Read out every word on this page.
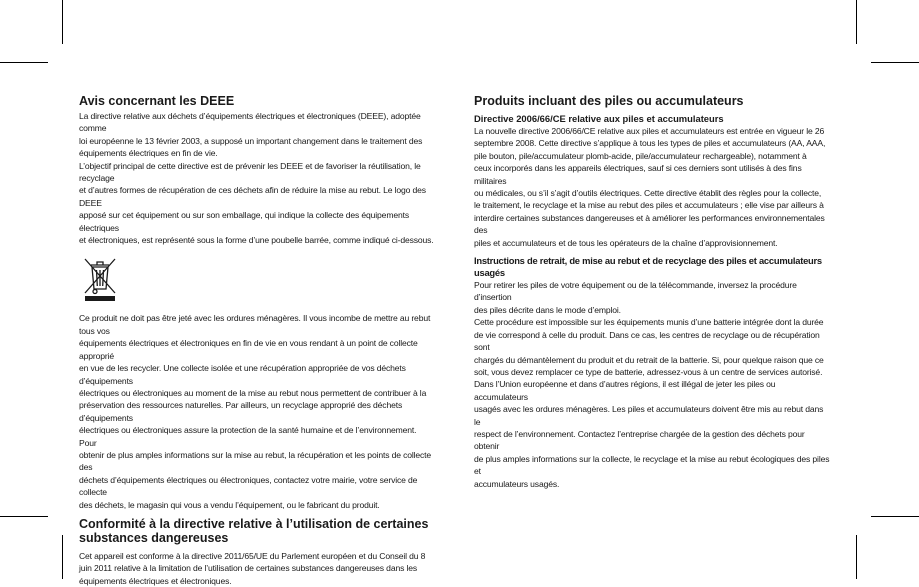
Avis concernant les DEEE

La directive relative aux déchets d’équipements électriques et électroniques (DEEE), adoptée comme
loi européenne le 13 février 2003, a supposé un important changement dans le traitement des
équipements électriques en fin de vie.
L’objectif principal de cette directive est de prévenir les DEEE et de favoriser la réutilisation, le recyclage
et d’autres formes de récupération de ces déchets afin de réduire la mise au rebut. Le logo des DEEE
apposé sur cet équipement ou sur son emballage, qui indique la collecte des équipements électriques
et électroniques, est représenté sous la forme d’une poubelle barrée, comme indiqué ci-dessous.

Ce produit ne doit pas être jeté avec les ordures ménagères. Il vous incombe de mettre au rebut tous vos
équipements électriques et électroniques en fin de vie en vous rendant à un point de collecte approprié
en vue de les recycler. Une collecte isolée et une récupération appropriée de vos déchets d’équipements
électriques ou électroniques au moment de la mise au rebut nous permettent de contribuer à la
préservation des ressources naturelles. Par ailleurs, un recyclage approprié des déchets d’équipements
électriques ou électroniques assure la protection de la santé humaine et de l’environnement. Pour
obtenir de plus amples informations sur la mise au rebut, la récupération et les points de collecte des
déchets d’équipements électriques ou électroniques, contactez votre mairie, votre service de collecte
des déchets, le magasin qui vous a vendu l’équipement, ou le fabricant du produit.

Conformité à la directive relative à l’utilisation de certaines
substances dangereuses

Cet appareil est conforme à la directive 2011/65/UE du Parlement européen et du Conseil du 8
juin 2011 relative à la limitation de l’utilisation de certaines substances dangereuses dans les
équipements électriques et électroniques.

Produits incluant des piles ou accumulateurs
Directive 2006/66/CE relative aux piles et accumulateurs

La nouvelle directive 2006/66/CE relative aux piles et accumulateurs est entrée en vigueur le 26
septembre 2008. Cette directive s’applique à tous les types de piles et accumulateurs (AA, AAA,
pile bouton, pile/accumulateur plomb-acide, pile/accumulateur rechargeable), notamment à
ceux incorporés dans les appareils électriques, sauf si ces derniers sont utilisés à des fins militaires
ou médicales, ou s’il s’agit d’outils électriques. Cette directive établit des règles pour la collecte,
le traitement, le recyclage et la mise au rebut des piles et accumulateurs ; elle vise par ailleurs à
interdire certaines substances dangereuses et à améliorer les performances environnementales des
piles et accumulateurs et de tous les opérateurs de la chaîne d’approvisionnement.

Instructions de retrait, de mise au rebut et de recyclage des piles et accumulateurs usagés

Pour retirer les piles de votre équipement ou de la télécommande, inversez la procédure d’insertion
des piles décrite dans le mode d’emploi.
Cette procédure est impossible sur les équipements munis d’une batterie intégrée dont la durée
de vie correspond à celle du produit. Dans ce cas, les centres de recyclage ou de récupération sont
chargés du démantèlement du produit et du retrait de la batterie. Si, pour quelque raison que ce
soit, vous devez remplacer ce type de batterie, adressez-vous à un centre de services autorisé.
Dans l’Union européenne et dans d’autres régions, il est illégal de jeter les piles ou accumulateurs
usagés avec les ordures ménagères. Les piles et accumulateurs doivent être mis au rebut dans le
respect de l’environnement. Contactez l’entreprise chargée de la gestion des déchets pour obtenir
de plus amples informations sur la collecte, le recyclage et la mise au rebut écologiques des piles et
accumulateurs usagés.
